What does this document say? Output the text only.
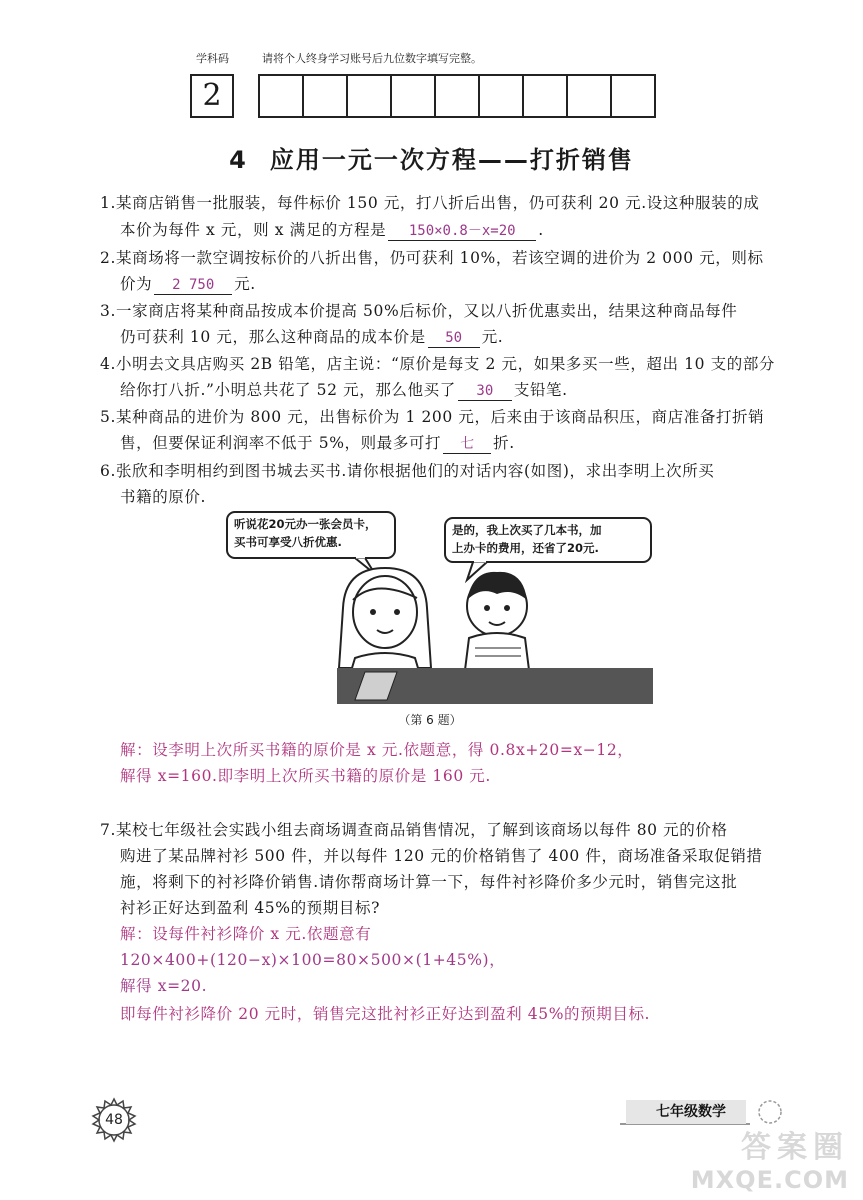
学科码	请将个人终身学习账号后九位数字填写完整。
2
4 应用一元一次方程——打折销售
1.某商店销售一批服装，每件标价 150 元，打八折后出售，仍可获利 20 元.设这种服装的成
本价为每件 x 元，则 x 满足的方程是 150×0.8－x=20 .
2.某商场将一款空调按标价的八折出售，仍可获利 10%，若该空调的进价为 2 000 元，则标
价为 2 750 元.
3.一家商店将某种商品按成本价提高 50%后标价，又以八折优惠卖出，结果这种商品每件
仍可获利 10 元，那么这种商品的成本价是 50 元.
4.小明去文具店购买 2B 铅笔，店主说：“原价是每支 2 元，如果多买一些，超出 10 支的部分
给你打八折.”小明总共花了 52 元，那么他买了 30 支铅笔.
5.某种商品的进价为 800 元，出售标价为 1 200 元，后来由于该商品积压，商店准备打折销
售，但要保证利润率不低于 5%，则最多可打 七 折.
6.张欣和李明相约到图书城去买书.请你根据他们的对话内容(如图)，求出李明上次所买
书籍的原价.
听说花20元办一张会员卡，
买书可享受八折优惠.
是的，我上次买了几本书，加
上办卡的费用，还省了20元.
（第 6 题）
解：设李明上次所买书籍的原价是 x 元.依题意，得 0.8x+20=x−12，
解得 x=160.即李明上次所买书籍的原价是 160 元.
7.某校七年级社会实践小组去商场调查商品销售情况，了解到该商场以每件 80 元的价格
购进了某品牌衬衫 500 件，并以每件 120 元的价格销售了 400 件，商场准备采取促销措
施，将剩下的衬衫降价销售.请你帮商场计算一下，每件衬衫降价多少元时，销售完这批
衬衫正好达到盈利 45%的预期目标?
解：设每件衬衫降价 x 元.依题意有
120×400+(120−x)×100=80×500×(1+45%)，
解得 x=20.
即每件衬衫降价 20 元时，销售完这批衬衫正好达到盈利 45%的预期目标.
48	七年级数学
答案圈
MXQE.COM
